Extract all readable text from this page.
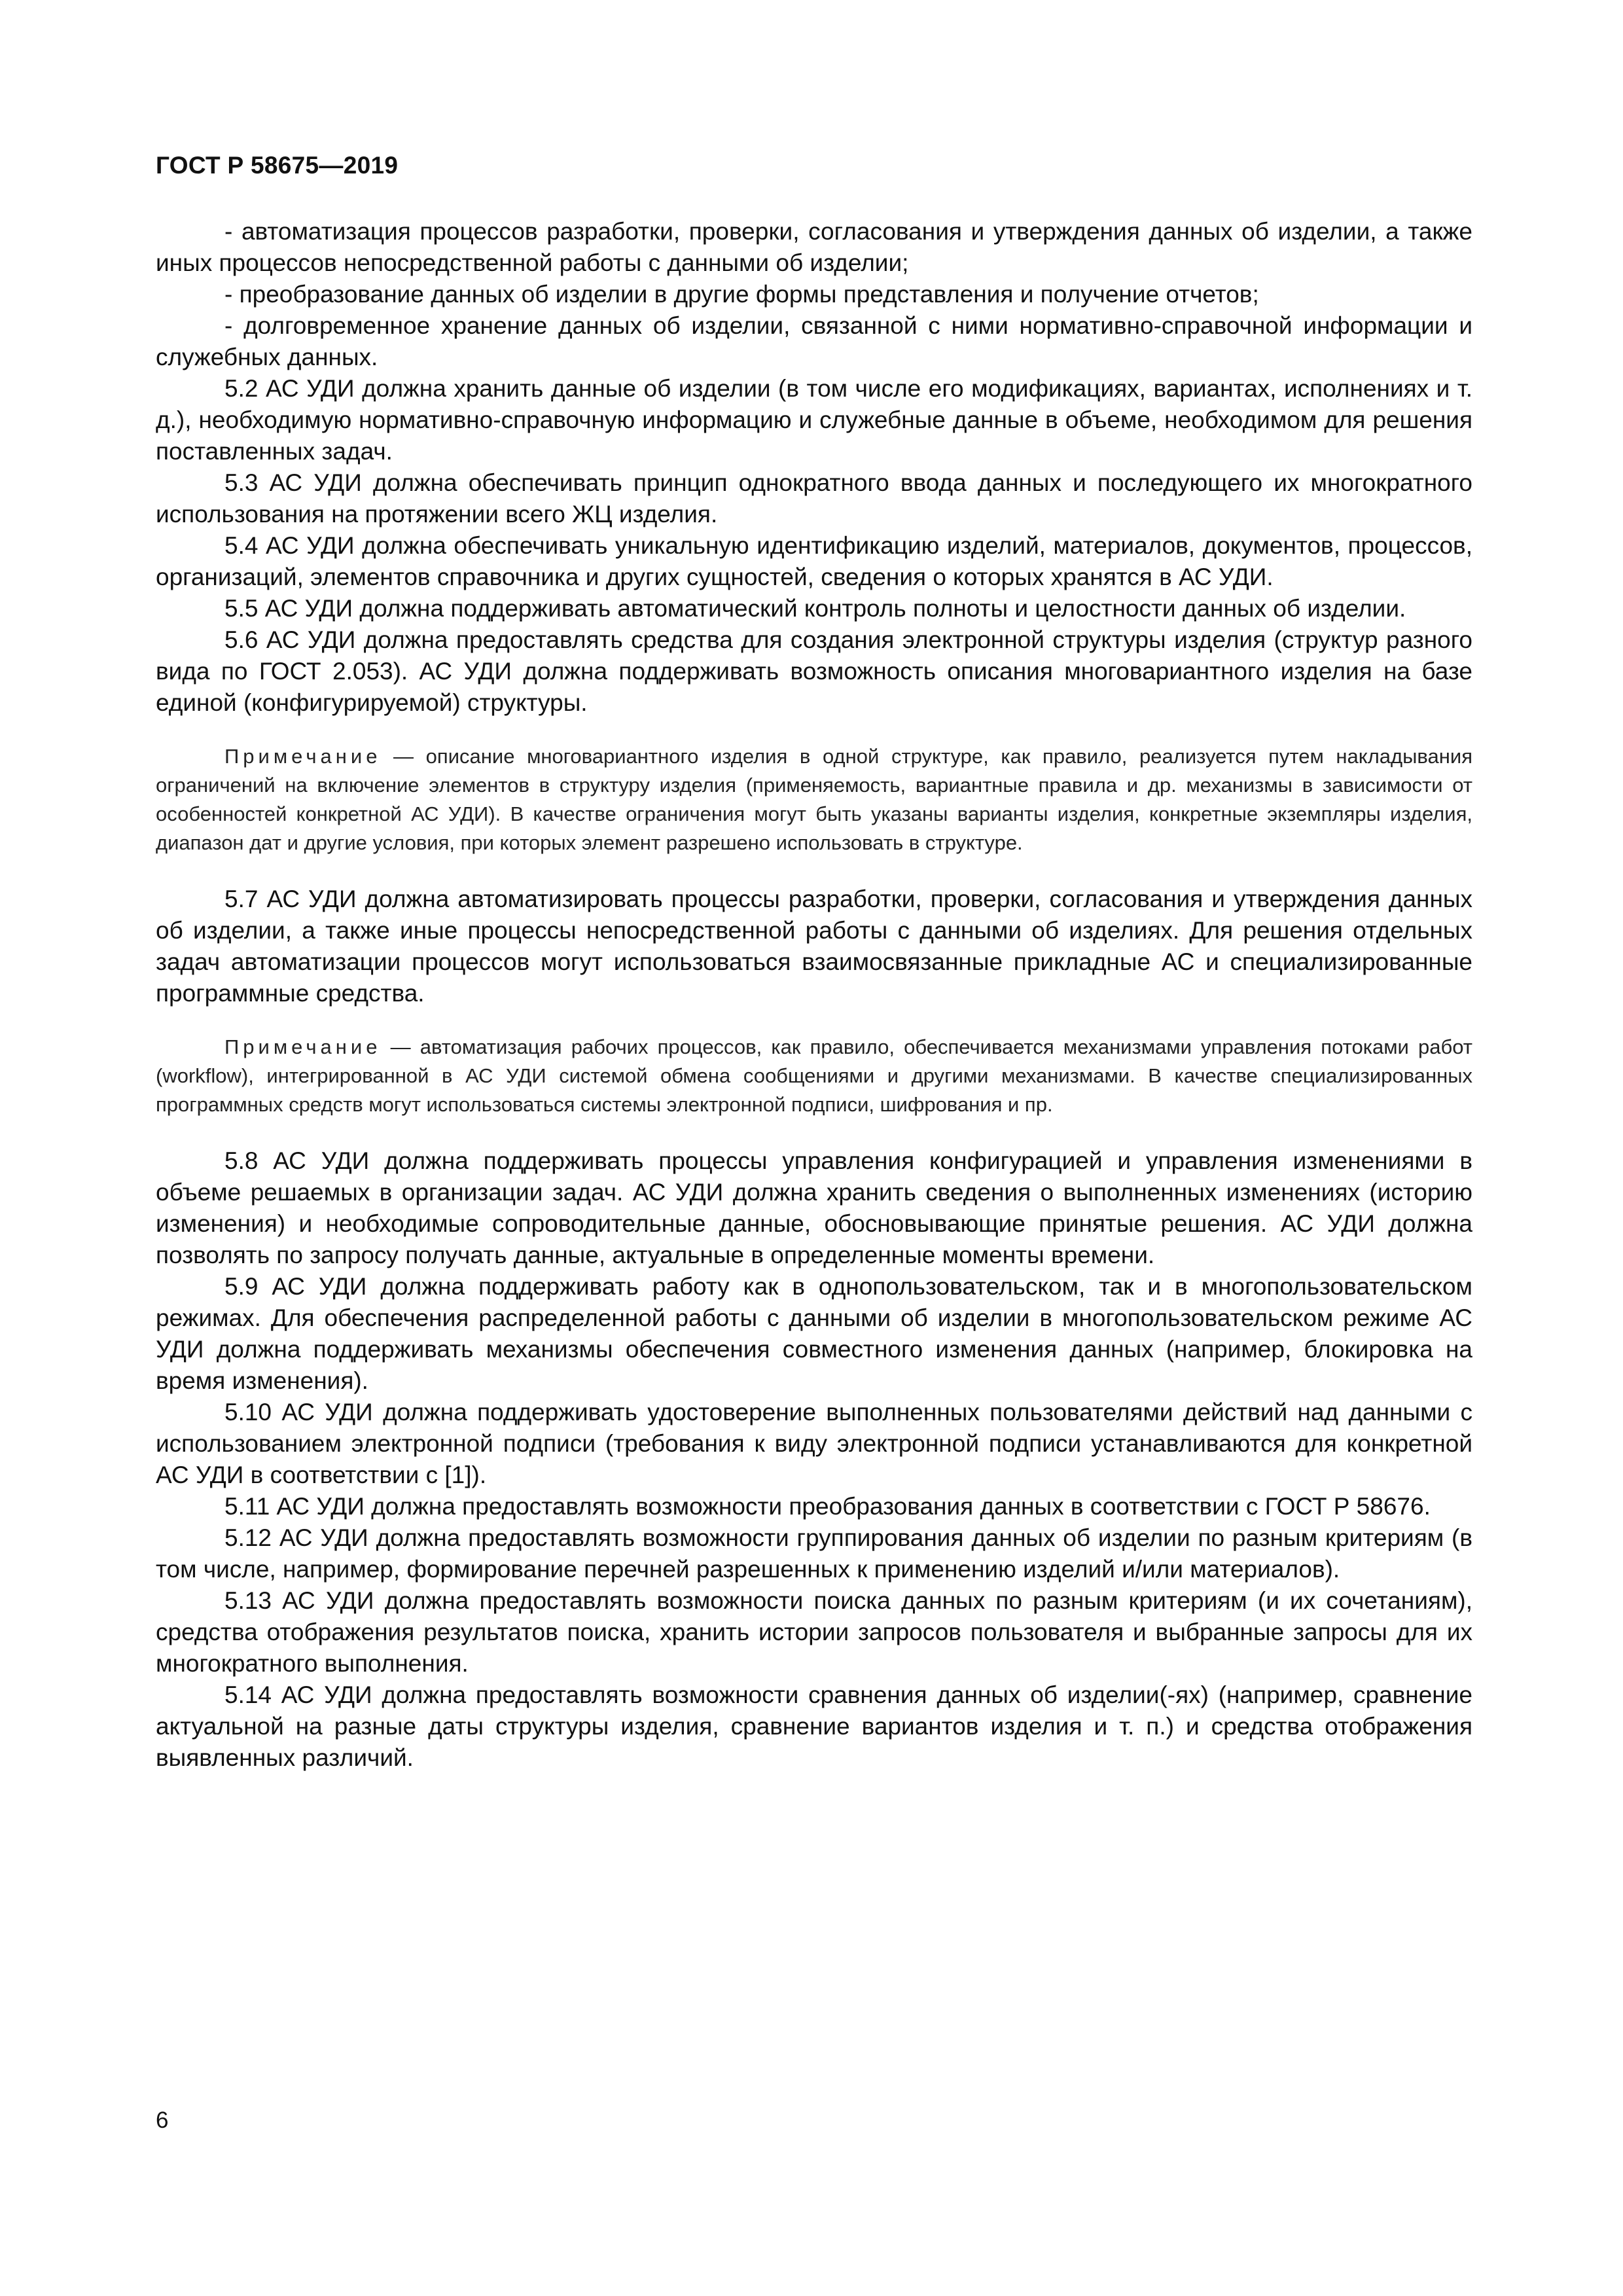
ГОСТ Р 58675—2019

- автоматизация процессов разработки, проверки, согласования и утверждения данных об изделии, а также иных процессов непосредственной работы с данными об изделии;

- преобразование данных об изделии в другие формы представления и получение отчетов;

- долговременное хранение данных об изделии, связанной с ними нормативно-справочной информации и служебных данных.

5.2 АС УДИ должна хранить данные об изделии (в том числе его модификациях, вариантах, исполнениях и т. д.), необходимую нормативно-справочную информацию и служебные данные в объеме, необходимом для решения поставленных задач.

5.3 АС УДИ должна обеспечивать принцип однократного ввода данных и последующего их многократного использования на протяжении всего ЖЦ изделия.

5.4 АС УДИ должна обеспечивать уникальную идентификацию изделий, материалов, документов, процессов, организаций, элементов справочника и других сущностей, сведения о которых хранятся в АС УДИ.

5.5 АС УДИ должна поддерживать автоматический контроль полноты и целостности данных об изделии.

5.6 АС УДИ должна предоставлять средства для создания электронной структуры изделия (структур разного вида по ГОСТ 2.053). АС УДИ должна поддерживать возможность описания многовариантного изделия на базе единой (конфигурируемой) структуры.

Примечание — описание многовариантного изделия в одной структуре, как правило, реализуется путем накладывания ограничений на включение элементов в структуру изделия (применяемость, вариантные правила и др. механизмы в зависимости от особенностей конкретной АС УДИ). В качестве ограничения могут быть указаны варианты изделия, конкретные экземпляры изделия, диапазон дат и другие условия, при которых элемент разрешено использовать в структуре.

5.7 АС УДИ должна автоматизировать процессы разработки, проверки, согласования и утверждения данных об изделии, а также иные процессы непосредственной работы с данными об изделиях. Для решения отдельных задач автоматизации процессов могут использоваться взаимосвязанные прикладные АС и специализированные программные средства.

Примечание — автоматизация рабочих процессов, как правило, обеспечивается механизмами управления потоками работ (workflow), интегрированной в АС УДИ системой обмена сообщениями и другими механизмами. В качестве специализированных программных средств могут использоваться системы электронной подписи, шифрования и пр.

5.8 АС УДИ должна поддерживать процессы управления конфигурацией и управления изменениями в объеме решаемых в организации задач. АС УДИ должна хранить сведения о выполненных изменениях (историю изменения) и необходимые сопроводительные данные, обосновывающие принятые решения. АС УДИ должна позволять по запросу получать данные, актуальные в определенные моменты времени.

5.9 АС УДИ должна поддерживать работу как в однопользовательском, так и в многопользовательском режимах. Для обеспечения распределенной работы с данными об изделии в многопользовательском режиме АС УДИ должна поддерживать механизмы обеспечения совместного изменения данных (например, блокировка на время изменения).

5.10 АС УДИ должна поддерживать удостоверение выполненных пользователями действий над данными с использованием электронной подписи (требования к виду электронной подписи устанавливаются для конкретной АС УДИ в соответствии с [1]).

5.11 АС УДИ должна предоставлять возможности преобразования данных в соответствии с ГОСТ Р 58676.

5.12 АС УДИ должна предоставлять возможности группирования данных об изделии по разным критериям (в том числе, например, формирование перечней разрешенных к применению изделий и/или материалов).

5.13 АС УДИ должна предоставлять возможности поиска данных по разным критериям (и их сочетаниям), средства отображения результатов поиска, хранить истории запросов пользователя и выбранные запросы для их многократного выполнения.

5.14 АС УДИ должна предоставлять возможности сравнения данных об изделии(-ях) (например, сравнение актуальной на разные даты структуры изделия, сравнение вариантов изделия и т. п.) и средства отображения выявленных различий.

6
